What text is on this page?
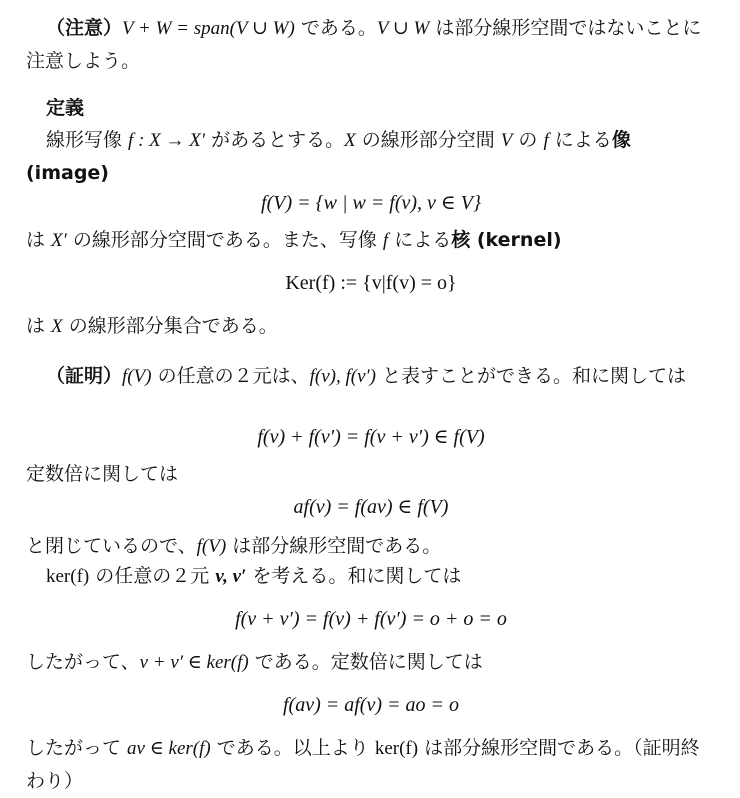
（注意）V + W = span(V ∪ W) である。V ∪ W は部分線形空間ではないことに注意しよう。

定義

線形写像 f : X → X′ があるとする。X の線形部分空間 V の f による像 (image)

f(V) = {w | w = f(v), v ∈ V}

は X′ の線形部分空間である。また、写像 f による核 (kernel)

Ker(f) := {v|f(v) = o}

は X の線形部分集合である。

（証明）f(V) の任意の２元は、f(v), f(v′) と表すことができる。和に関しては

f(v) + f(v′) = f(v + v′) ∈ f(V)

定数倍に関しては

af(v) = f(av) ∈ f(V)

と閉じているので、f(V) は部分線形空間である。

ker(f) の任意の２元 v, v′ を考える。和に関しては

f(v + v′) = f(v) + f(v′) = o + o = o

したがって、v + v′ ∈ ker(f) である。定数倍に関しては

f(av) = af(v) = ao = o

したがって av ∈ ker(f) である。以上より ker(f) は部分線形空間である。（証明終わり）
